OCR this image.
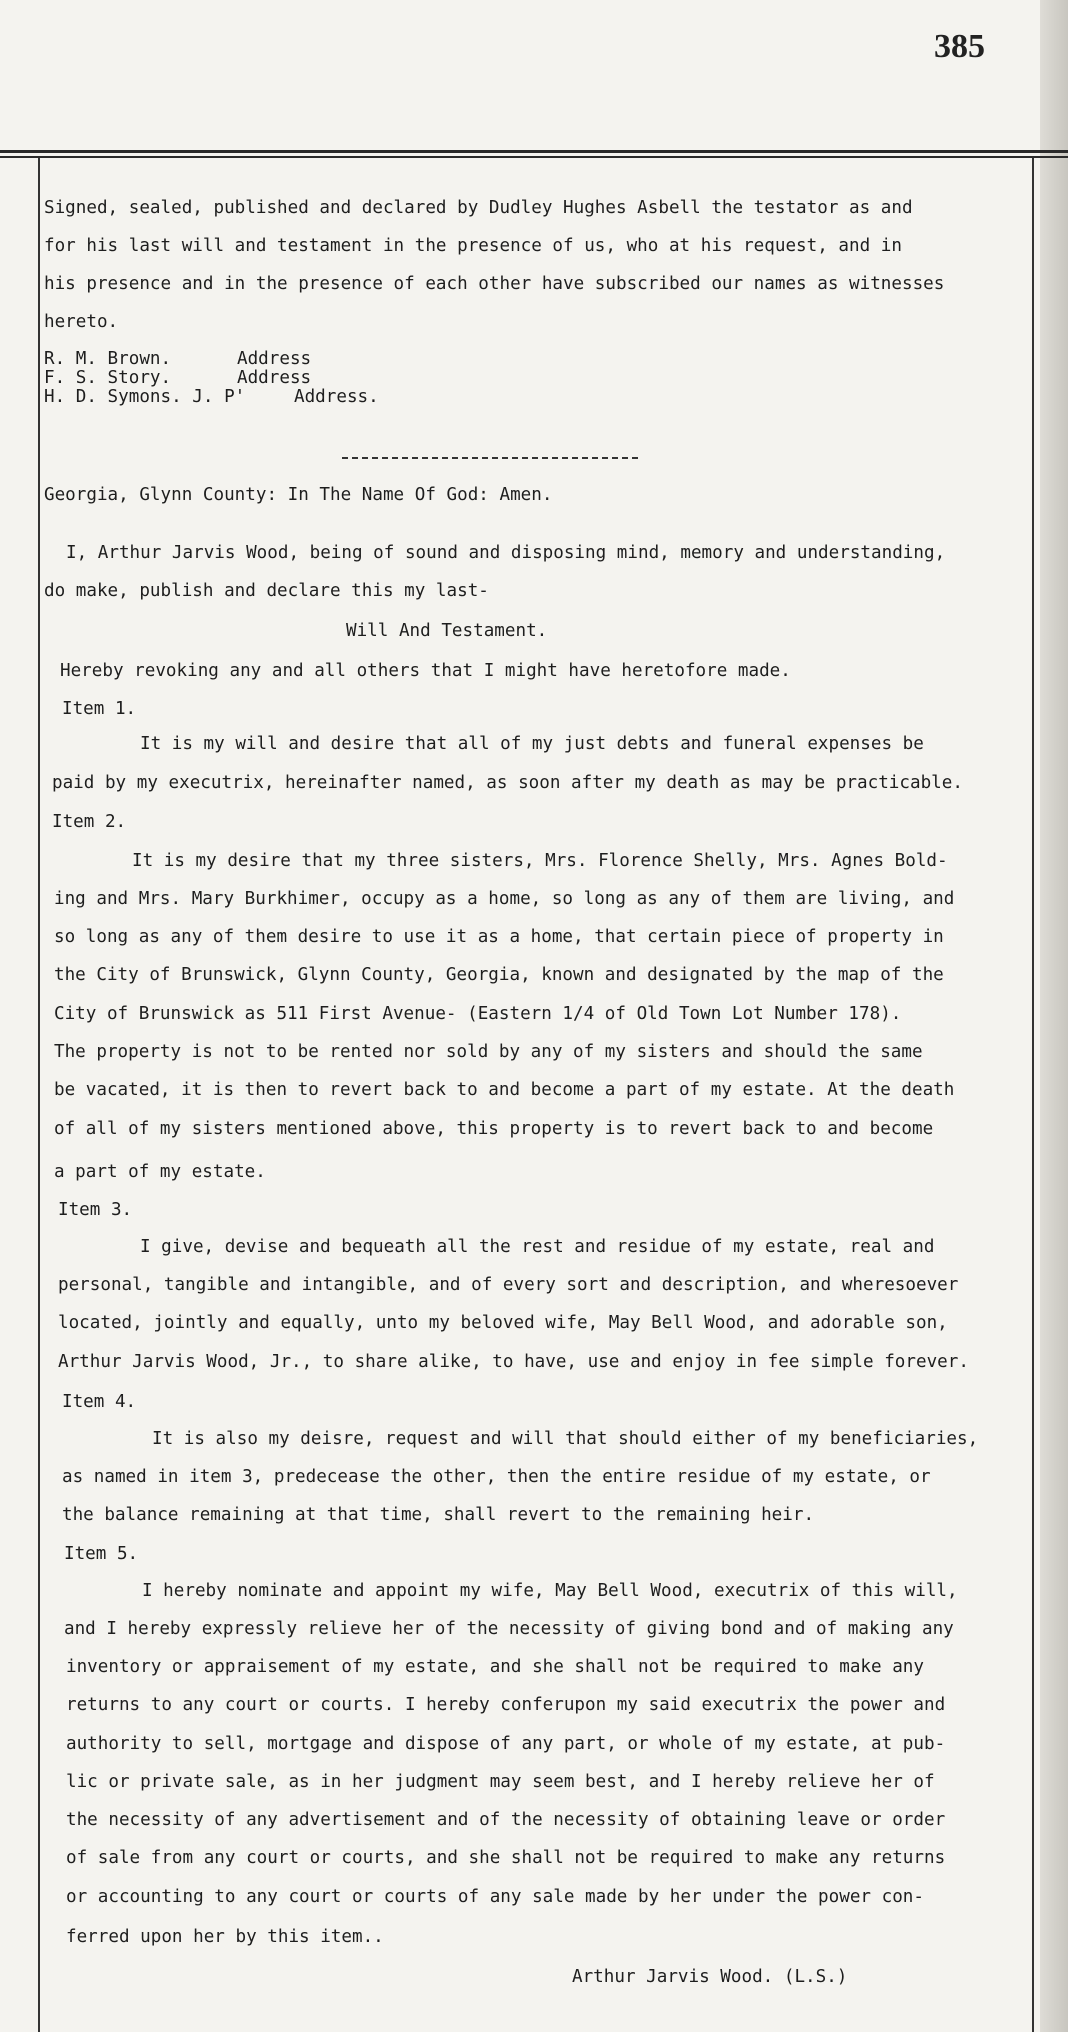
385
Signed, sealed, published and declared by Dudley Hughes Asbell the testator as and
for his last will and testament in the presence of us, who at his request, and in
his presence and in the presence of each other have subscribed our names as witnesses
hereto.
R. M. Brown.	Address
F. S. Story.	Address
H. D. Symons. J. P'	Address.
Georgia, Glynn County: In The Name Of God: Amen.
I, Arthur Jarvis Wood, being of sound and disposing mind, memory and understanding,
do make, publish and declare this my last-
Will And Testament.
Hereby revoking any and all others that I might have heretofore made.
Item 1.
It is my will and desire that all of my just debts and funeral expenses be
paid by my executrix, hereinafter named, as soon after my death as may be practicable.
Item 2.
It is my desire that my three sisters, Mrs. Florence Shelly, Mrs. Agnes Bold-
ing and Mrs. Mary Burkhimer, occupy as a home, so long as any of them are living, and
so long as any of them desire to use it as a home, that certain piece of property in
the City of Brunswick, Glynn County, Georgia, known and designated by the map of the
City of Brunswick as 511 First Avenue- (Eastern 1/4 of Old Town Lot Number 178).
The property is not to be rented nor sold by any of my sisters and should the same
be vacated, it is then to revert back to and become a part of my estate. At the death
of all of my sisters mentioned above, this property is to revert back to and become
a part of my estate.
Item 3.
I give, devise and bequeath all the rest and residue of my estate, real and
personal, tangible and intangible, and of every sort and description, and wheresoever
located, jointly and equally, unto my beloved wife, May Bell Wood, and adorable son,
Arthur Jarvis Wood, Jr., to share alike, to have, use and enjoy in fee simple forever.
Item 4.
It is also my deisre, request and will that should either of my beneficiaries,
as named in item 3, predecease the other, then the entire residue of my estate, or
the balance remaining at that time, shall revert to the remaining heir.
Item 5.
I hereby nominate and appoint my wife, May Bell Wood, executrix of this will,
and I hereby expressly relieve her of the necessity of giving bond and of making any
inventory or appraisement of my estate, and she shall not be required to make any
returns to any court or courts. I hereby conferupon my said executrix the power and
authority to sell, mortgage and dispose of any part, or whole of my estate, at pub-
lic or private sale, as in her judgment may seem best, and I hereby relieve her of
the necessity of any advertisement and of the necessity of obtaining leave or order
of sale from any court or courts, and she shall not be required to make any returns
or accounting to any court or courts of any sale made by her under the power con-
ferred upon her by this item..
Arthur Jarvis Wood. (L.S.)
